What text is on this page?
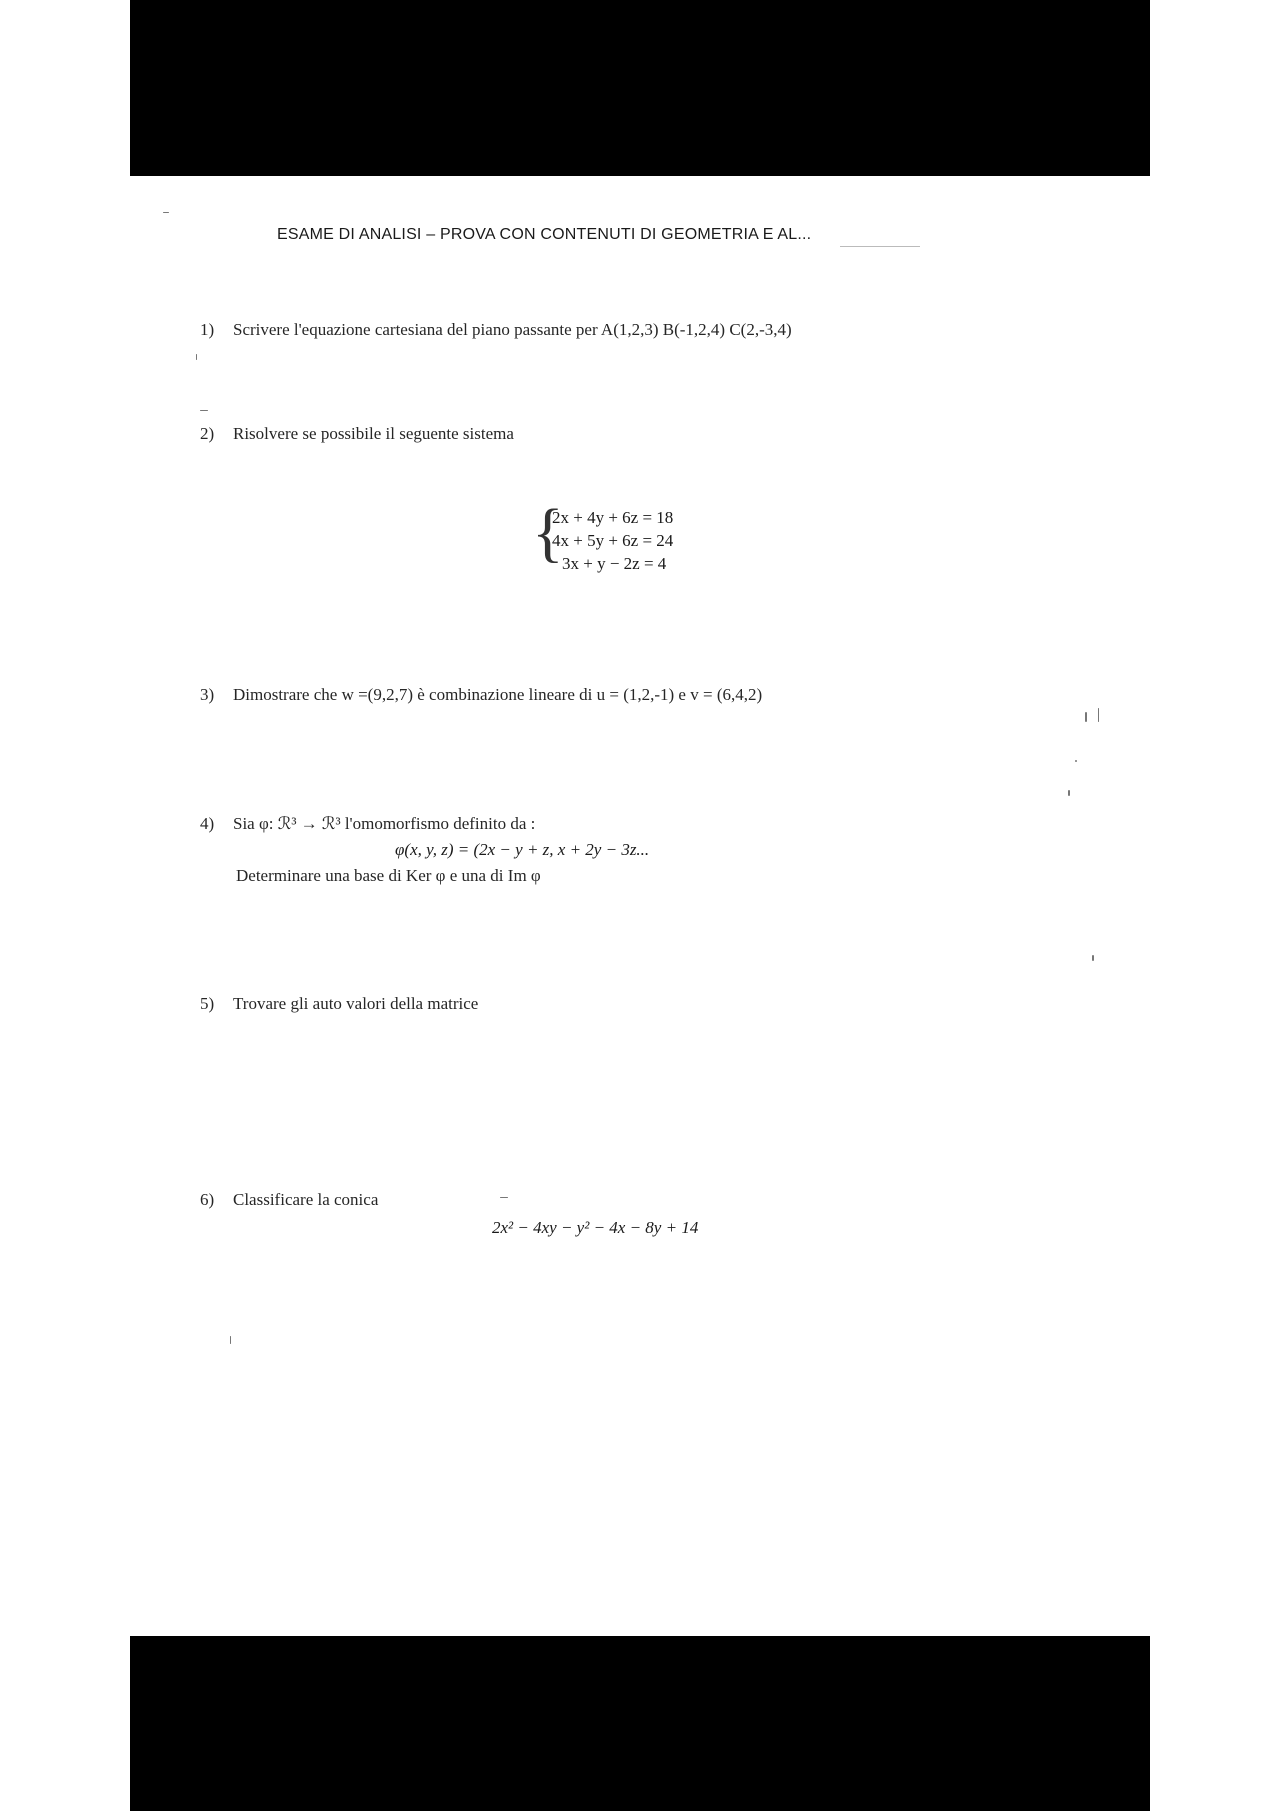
ESAME DI ANALISI – PROVA CON CONTENUTI DI GEOMETRIA E AL...
1) Scrivere l'equazione cartesiana del piano passante per A(1,2,3) B(-1,2,4) C(2,-3,4)
2) Risolvere se possibile il seguente sistema
{
2x + 4y + 6z = 18
4x + 5y + 6z = 24
3x + y − 2z = 4
3) Dimostrare che w =(9,2,7) è combinazione lineare di u = (1,2,-1) e v = (6,4,2)
4) Sia φ: ℛ³ → ℛ³ l'omomorfismo definito da :
φ(x, y, z) = (2x − y + z, x + 2y − 3z...
Determinare una base di Ker φ e una di Im φ
5) Trovare gli auto valori della matrice
6) Classificare la conica
2x² − 4xy − y² − 4x − 8y + 14
